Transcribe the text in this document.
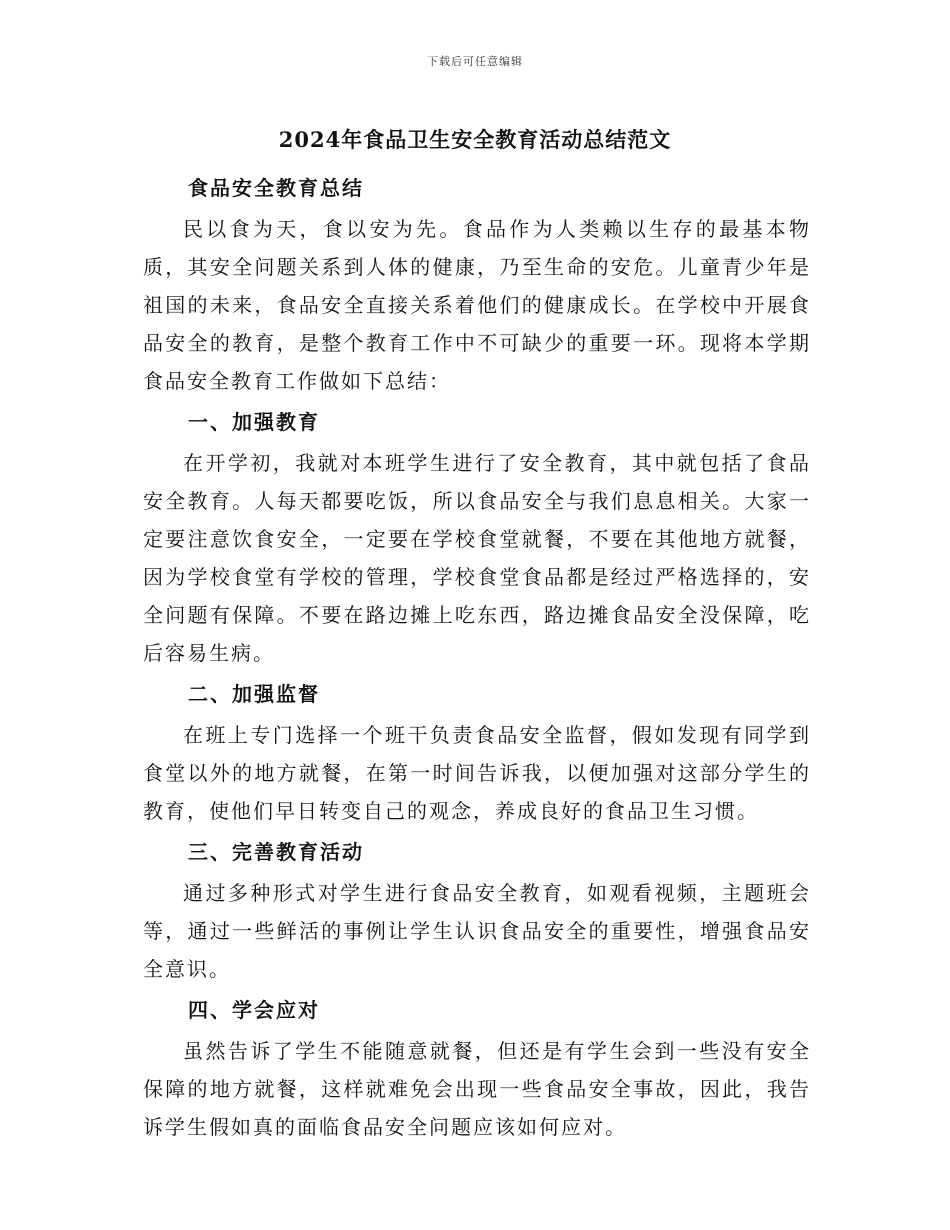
下载后可任意编辑
2024年食品卫生安全教育活动总结范文
食品安全教育总结

民以食为天，食以安为先。食品作为人类赖以生存的最基本物质，其安全问题关系到人体的健康，乃至生命的安危。儿童青少年是祖国的未来，食品安全直接关系着他们的健康成长。在学校中开展食品安全的教育，是整个教育工作中不可缺少的重要一环。现将本学期食品安全教育工作做如下总结：

一、加强教育

在开学初，我就对本班学生进行了安全教育，其中就包括了食品安全教育。人每天都要吃饭，所以食品安全与我们息息相关。大家一定要注意饮食安全，一定要在学校食堂就餐，不要在其他地方就餐，因为学校食堂有学校的管理，学校食堂食品都是经过严格选择的，安全问题有保障。不要在路边摊上吃东西，路边摊食品安全没保障，吃后容易生病。

二、加强监督

在班上专门选择一个班干负责食品安全监督，假如发现有同学到食堂以外的地方就餐，在第一时间告诉我，以便加强对这部分学生的教育，使他们早日转变自己的观念，养成良好的食品卫生习惯。

三、完善教育活动

通过多种形式对学生进行食品安全教育，如观看视频，主题班会等，通过一些鲜活的事例让学生认识食品安全的重要性，增强食品安全意识。

四、学会应对

虽然告诉了学生不能随意就餐，但还是有学生会到一些没有安全保障的地方就餐，这样就难免会出现一些食品安全事故，因此，我告诉学生假如真的面临食品安全问题应该如何应对。
